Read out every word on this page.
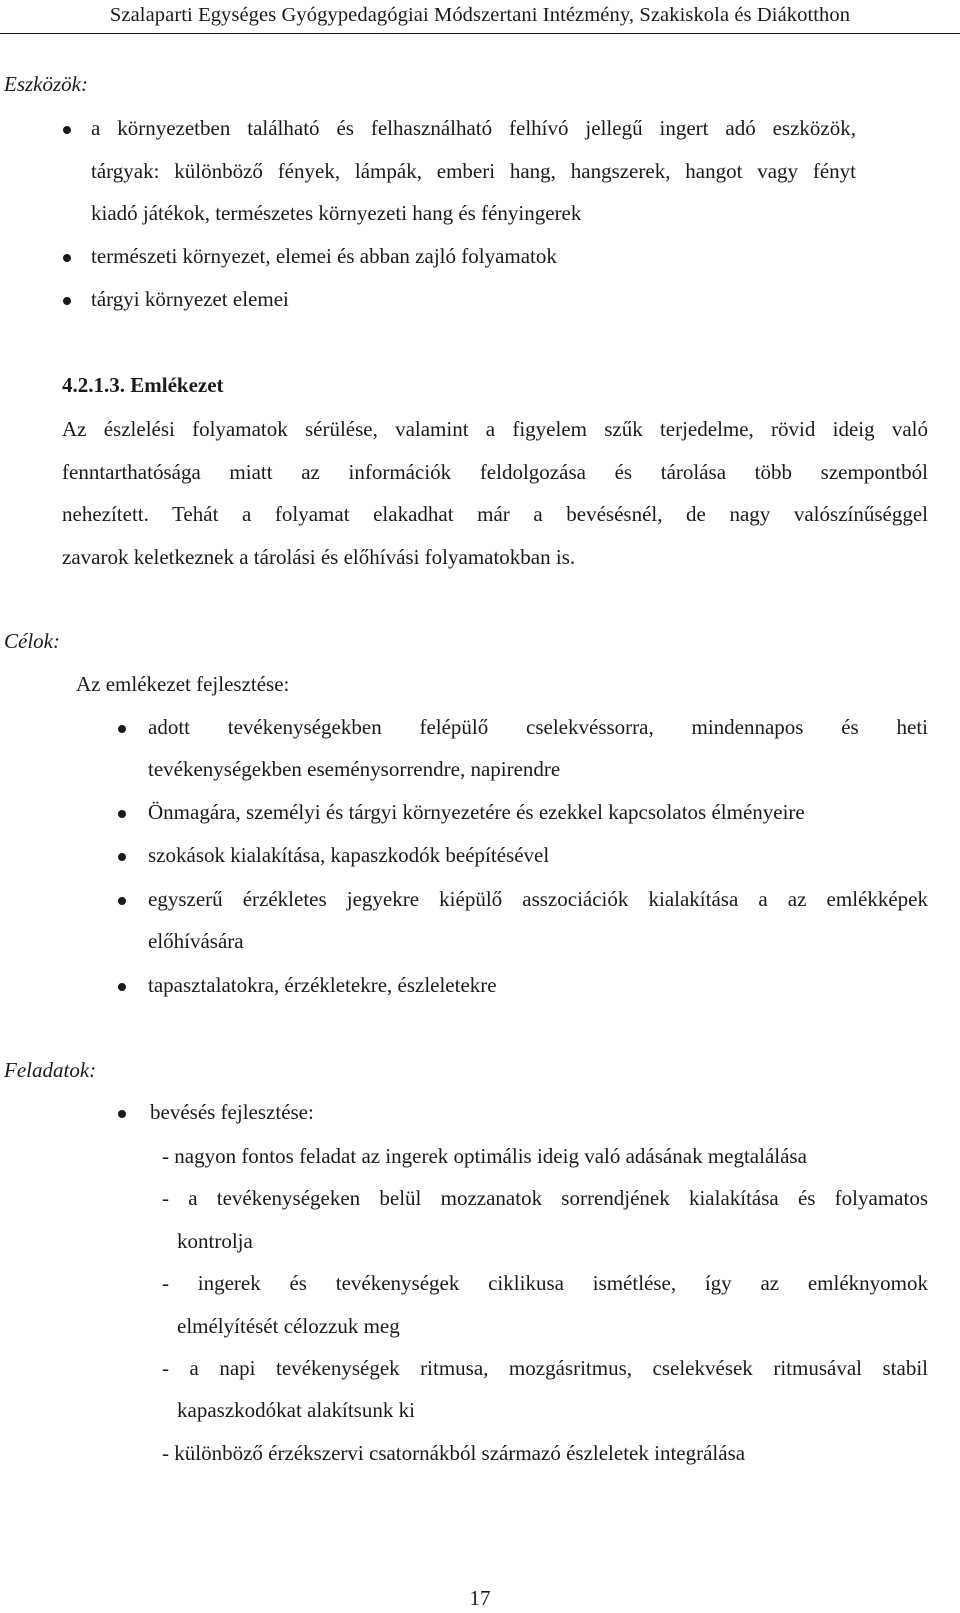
Szalaparti Egységes Gyógypedagógiai Módszertani Intézmény, Szakiskola és Diákotthon
Eszközök:
a környezetben található és felhasználható felhívó jellegű ingert adó eszközök,
tárgyak: különböző fények, lámpák, emberi hang, hangszerek, hangot vagy fényt
kiadó játékok, természetes környezeti hang és fényingerek
természeti környezet, elemei és abban zajló folyamatok
tárgyi környezet elemei
4.2.1.3. Emlékezet
Az észlelési folyamatok sérülése, valamint a figyelem szűk terjedelme, rövid ideig való
fenntarthatósága miatt az információk feldolgozása és tárolása több szempontból
nehezített. Tehát a folyamat elakadhat már a bevésésnél, de nagy valószínűséggel
zavarok keletkeznek a tárolási és előhívási folyamatokban is.
Célok:
Az emlékezet fejlesztése:
adott tevékenységekben felépülő cselekvéssorra, mindennapos és heti
tevékenységekben eseménysorrendre, napirendre
Önmagára, személyi és tárgyi környezetére és ezekkel kapcsolatos élményeire
szokások kialakítása, kapaszkodók beépítésével
egyszerű érzékletes jegyekre kiépülő asszociációk kialakítása a az emlékképek
előhívására
tapasztalatokra, érzékletekre, észleletekre
Feladatok:
bevésés fejlesztése:
- nagyon fontos feladat az ingerek optimális ideig való adásának megtalálása
- a tevékenységeken belül mozzanatok sorrendjének kialakítása és folyamatos
kontrolja
- ingerek és tevékenységek ciklikusa ismétlése, így az emléknyomok
elmélyítését célozzuk meg
- a napi tevékenységek ritmusa, mozgásritmus, cselekvések ritmusával stabil
kapaszkodókat alakítsunk ki
- különböző érzékszervi csatornákból származó észleletek integrálása
17
